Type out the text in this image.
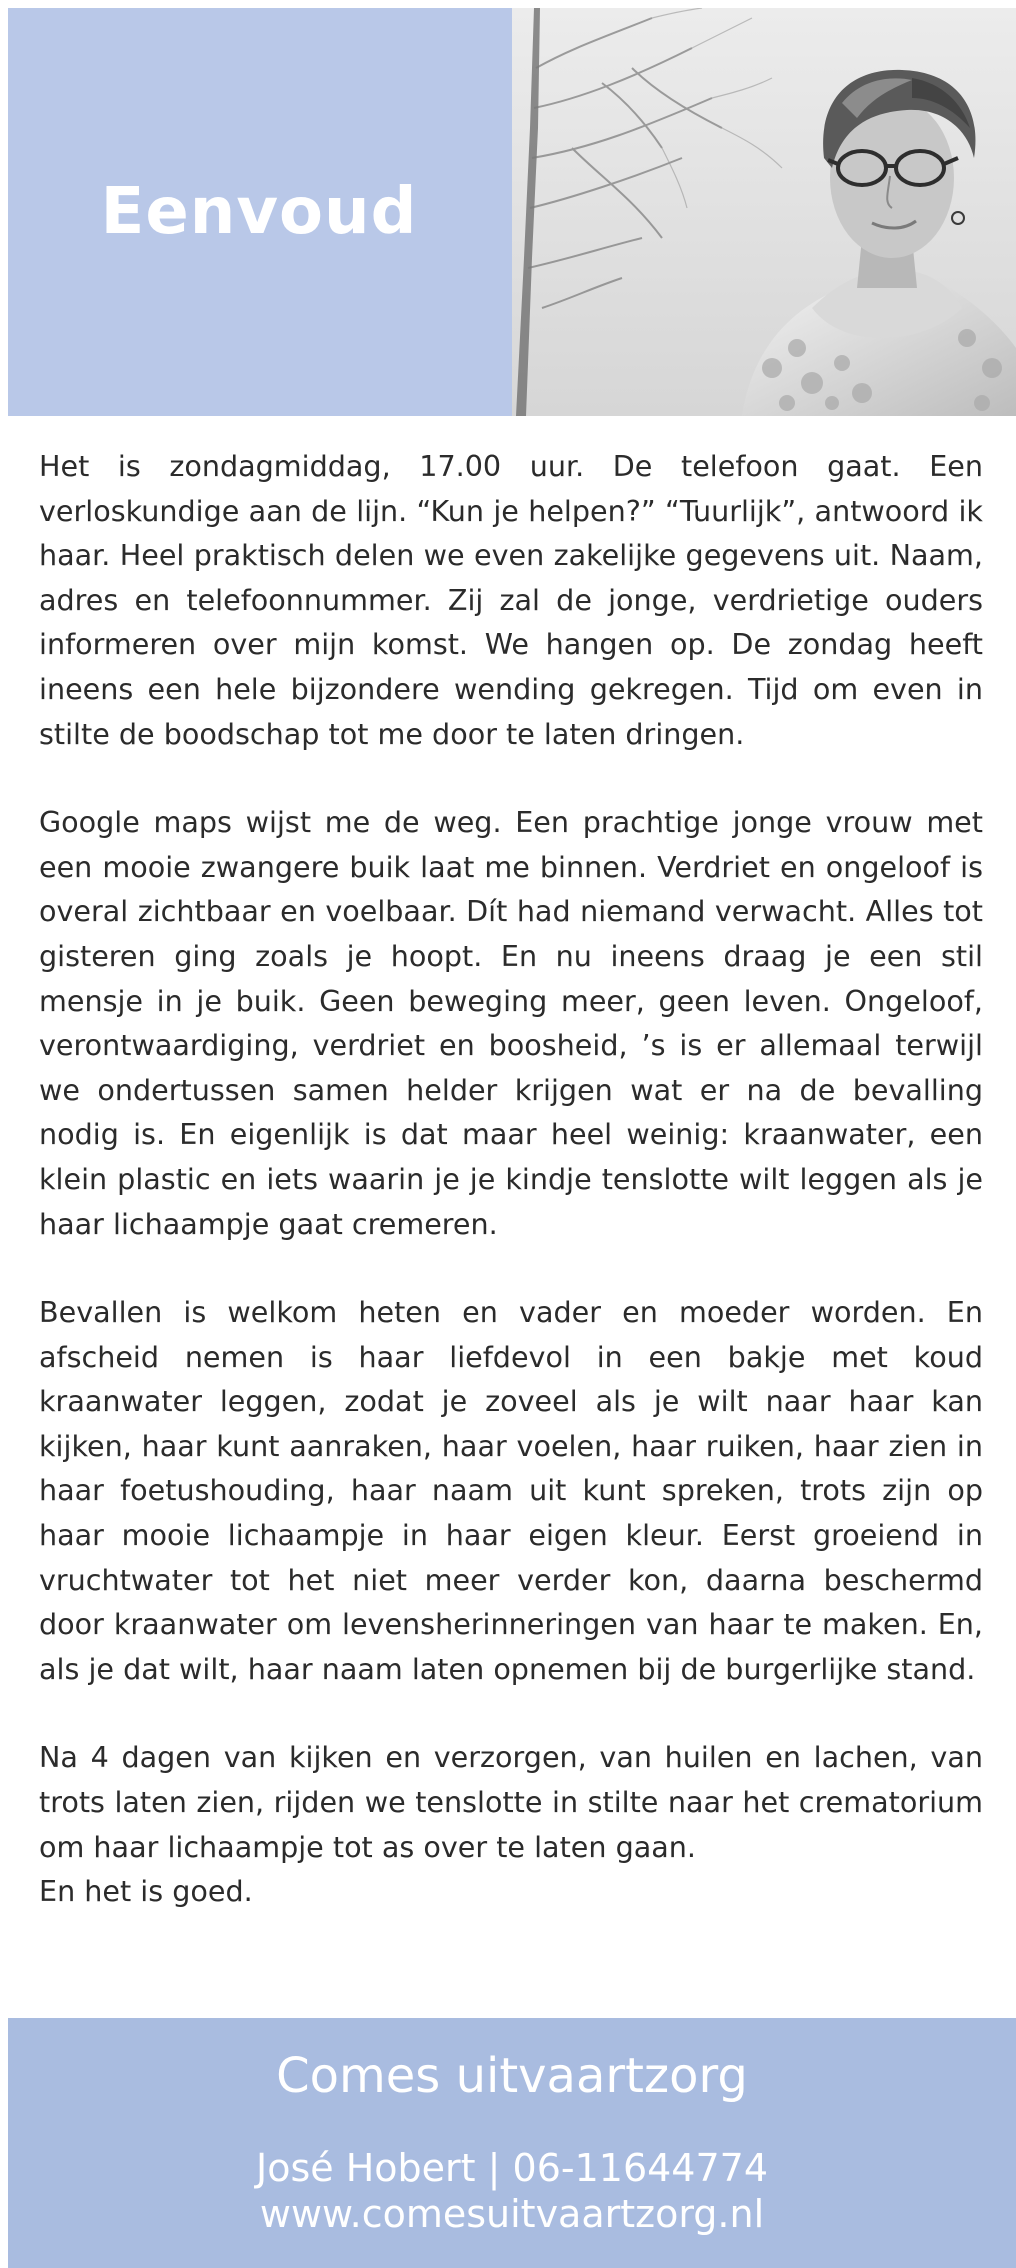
Eenvoud

Het is zondagmiddag, 17.00 uur. De telefoon gaat. Een verloskundige aan de lijn. “Kun je helpen?” “Tuurlijk”, antwoord ik haar. Heel praktisch delen we even zakelijke gegevens uit. Naam, adres en telefoonnummer. Zij zal de jonge, verdrietige ouders informeren over mijn komst. We hangen op. De zondag heeft ineens een hele bijzondere wending gekregen. Tijd om even in stilte de boodschap tot me door te laten dringen.

Google maps wijst me de weg. Een prachtige jonge vrouw met een mooie zwangere buik laat me binnen. Verdriet en ongeloof is overal zichtbaar en voelbaar. Dít had niemand verwacht. Alles tot gisteren ging zoals je hoopt. En nu ineens draag je een stil mensje in je buik. Geen beweging meer, geen leven. Ongeloof, verontwaardiging, verdriet en boosheid, ’s is er allemaal terwijl we ondertussen samen helder krijgen wat er na de bevalling nodig is. En eigenlijk is dat maar heel weinig: kraanwater, een klein plastic en iets waarin je je kindje tenslotte wilt leggen als je haar lichaampje gaat cremeren.

Bevallen is welkom heten en vader en moeder worden. En afscheid nemen is haar liefdevol in een bakje met koud kraanwater leggen, zodat je zoveel als je wilt naar haar kan kijken, haar kunt aanraken, haar voelen, haar ruiken, haar zien in haar foetushouding, haar naam uit kunt spreken, trots zijn op haar mooie lichaampje in haar eigen kleur. Eerst groeiend in vruchtwater tot het niet meer verder kon, daarna beschermd door kraanwater om levensherinneringen van haar te maken. En, als je dat wilt, haar naam laten opnemen bij de burgerlijke stand.

Na 4 dagen van kijken en verzorgen, van huilen en lachen, van trots laten zien, rijden we tenslotte in stilte naar het crematorium om haar lichaampje tot as over te laten gaan.
En het is goed.

Comes uitvaartzorg
José Hobert | 06-11644774
www.comesuitvaartzorg.nl
